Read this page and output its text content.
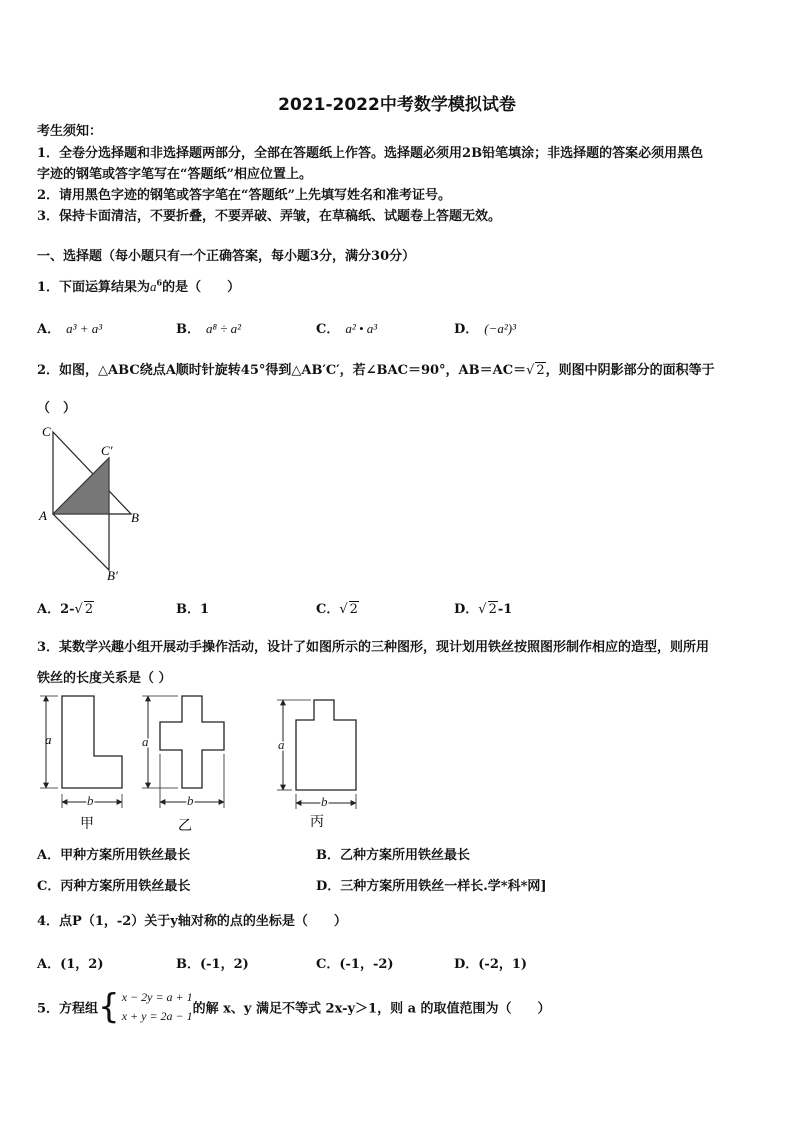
2021-2022中考数学模拟试卷
考生须知：
1．全卷分选择题和非选择题两部分，全部在答题纸上作答。选择题必须用2B铅笔填涂；非选择题的答案必须用黑色
字迹的钢笔或答字笔写在“答题纸”相应位置上。
2．请用黑色字迹的钢笔或答字笔在“答题纸”上先填写姓名和准考证号。
3．保持卡面清洁，不要折叠，不要弄破、弄皱，在草稿纸、试题卷上答题无效。
一、选择题（每小题只有一个正确答案，每小题3分，满分30分）
1．下面运算结果为$a^6$的是（　　）
A． a³ + a³	B． a⁸ ÷ a²	C． a² • a³	D． (−a²)³
2．如图，△ABC绕点A顺时针旋转45°得到△AB′C′，若∠BAC＝90°，AB＝AC＝√ 2，则图中阴影部分的面积等于
（　）
C
C′
A	B
B′
A．2-√ 2	B．1	C．√ 2	D．√ 2-1
3．某数学兴趣小组开展动手操作活动，设计了如图所示的三种图形，现计划用铁丝按照图形制作相应的造型，则所用
铁丝的长度关系是（ ）
a
b
甲
a
b
乙
a
b
丙
A．甲种方案所用铁丝最长	B．乙种方案所用铁丝最长
C．丙种方案所用铁丝最长	D．三种方案所用铁丝一样长.学*科*网]
4．点P（1，-2）关于y轴对称的点的坐标是（　　）
A．(1，2)	B．(-1，2)	C．(-1，-2)	D．(-2，1)
5．方程组 { x − 2y = a + 1
x + y = 2a − 1 的解 x、y 满足不等式 2x-y＞1，则 a 的取值范围为（　　）
